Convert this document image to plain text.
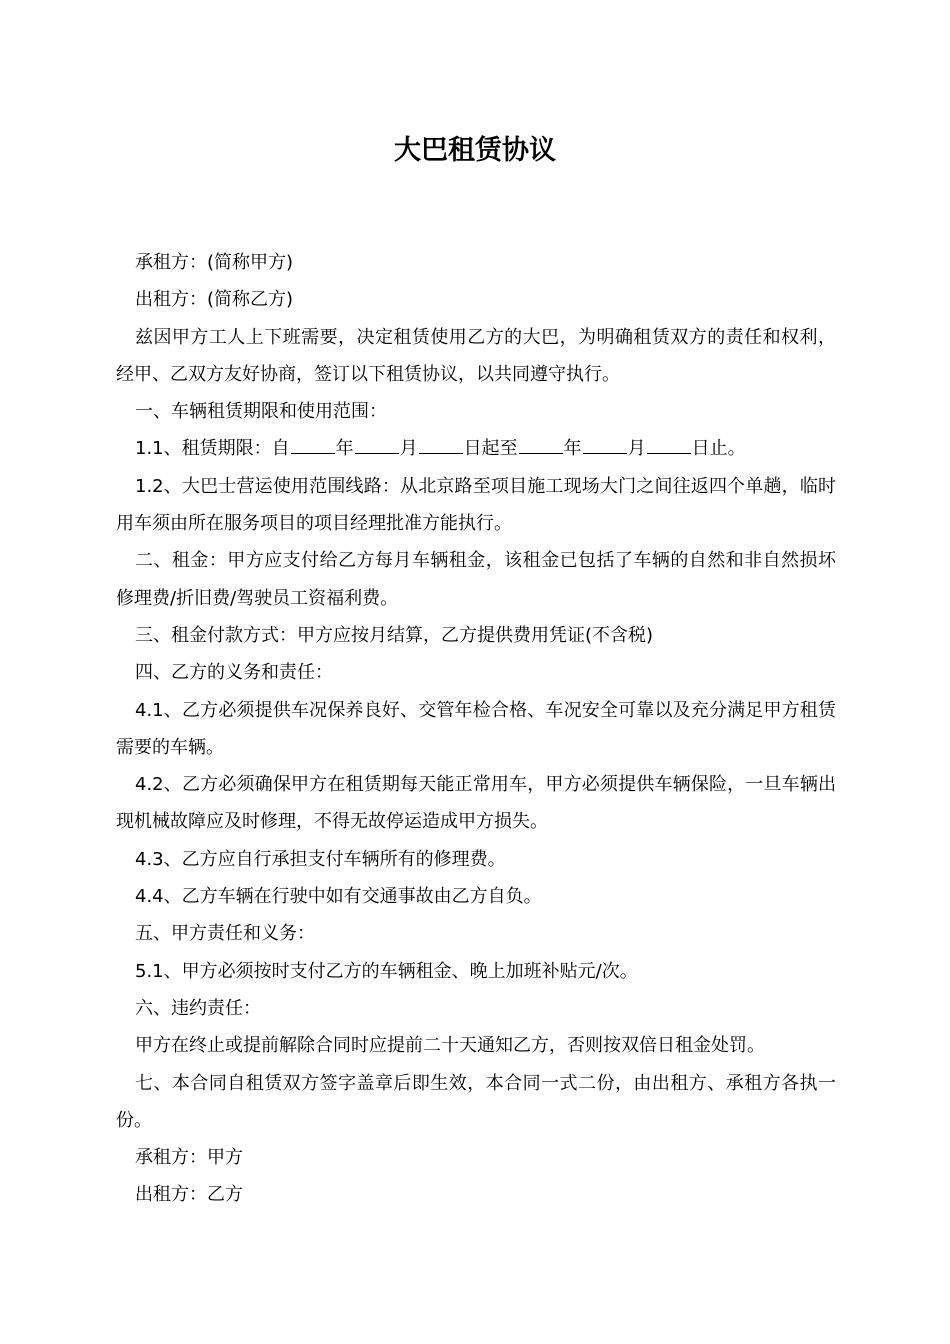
大巴租赁协议

承租方：(简称甲方)

出租方：(简称乙方)

兹因甲方工人上下班需要，决定租赁使用乙方的大巴，为明确租赁双方的责任和权利，经甲、乙双方友好协商，签订以下租赁协议，以共同遵守执行。

一、车辆租赁期限和使用范围：

1.1、租赁期限：自	年	月	日起至	年	月	日止。

1.2、大巴士营运使用范围线路：从北京路至项目施工现场大门之间往返四个单趟，临时用车须由所在服务项目的项目经理批准方能执行。

二、租金：甲方应支付给乙方每月车辆租金，该租金已包括了车辆的自然和非自然损坏修理费/折旧费/驾驶员工资福利费。

三、租金付款方式：甲方应按月结算，乙方提供费用凭证(不含税)

四、乙方的义务和责任：

4.1、乙方必须提供车况保养良好、交管年检合格、车况安全可靠以及充分满足甲方租赁需要的车辆。

4.2、乙方必须确保甲方在租赁期每天能正常用车，甲方必须提供车辆保险，一旦车辆出现机械故障应及时修理，不得无故停运造成甲方损失。

4.3、乙方应自行承担支付车辆所有的修理费。

4.4、乙方车辆在行驶中如有交通事故由乙方自负。

五、甲方责任和义务：

5.1、甲方必须按时支付乙方的车辆租金、晚上加班补贴元/次。

六、违约责任：

甲方在终止或提前解除合同时应提前二十天通知乙方，否则按双倍日租金处罚。

七、本合同自租赁双方签字盖章后即生效，本合同一式二份，由出租方、承租方各执一份。

承租方：甲方

出租方：乙方
